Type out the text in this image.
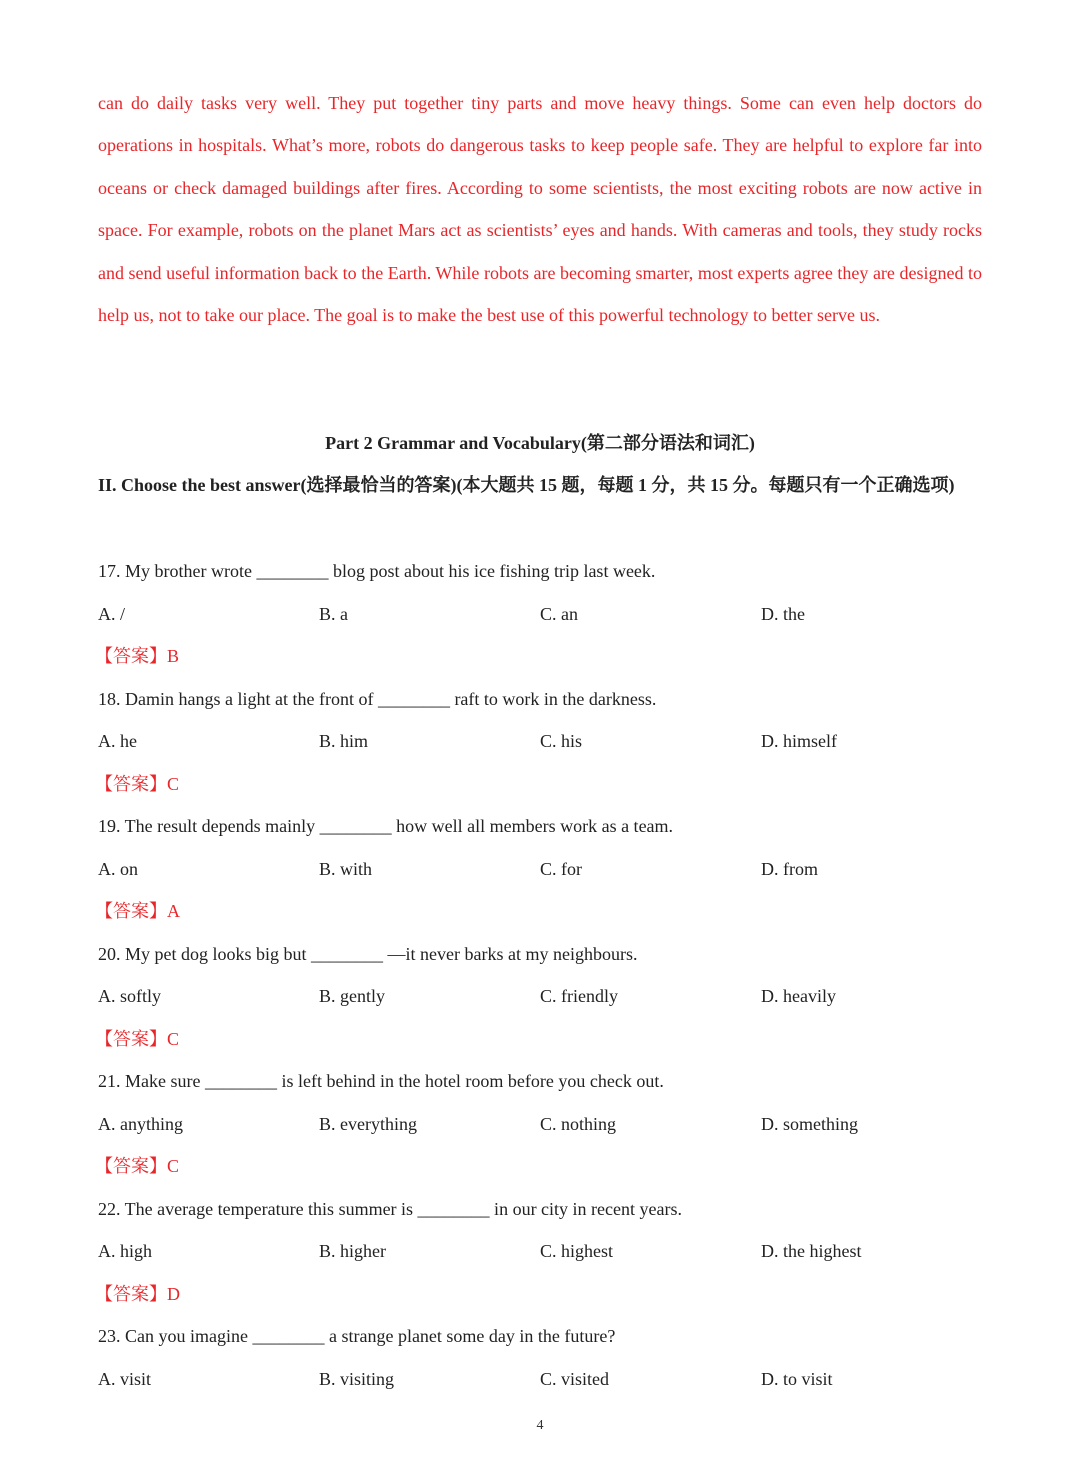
can do daily tasks very well. They put together tiny parts and move heavy things. Some can even help doctors do operations in hospitals. What’s more, robots do dangerous tasks to keep people safe. They are helpful to explore far into oceans or check damaged buildings after fires. According to some scientists, the most exciting robots are now active in space. For example, robots on the planet Mars act as scientists’ eyes and hands. With cameras and tools, they study rocks and send useful information back to the Earth. While robots are becoming smarter, most experts agree they are designed to help us, not to take our place. The goal is to make the best use of this powerful technology to better serve us.

Part 2 Grammar and Vocabulary(第二部分语法和词汇)
II. Choose the best answer(选择最恰当的答案)(本大题共 15 题，每题 1 分，共 15 分。每题只有一个正确选项)
17. My brother wrote ________ blog post about his ice fishing trip last week.
A. /	B. a	C. an	D. the
【答案】B
18. Damin hangs a light at the front of ________ raft to work in the darkness.
A. he	B. him	C. his	D. himself
【答案】C
19. The result depends mainly ________ how well all members work as a team.
A. on	B. with	C. for	D. from
【答案】A
20. My pet dog looks big but ________ —it never barks at my neighbours.
A. softly	B. gently	C. friendly	D. heavily
【答案】C
21. Make sure ________ is left behind in the hotel room before you check out.
A. anything	B. everything	C. nothing	D. something
【答案】C
22. The average temperature this summer is ________ in our city in recent years.
A. high	B. higher	C. highest	D. the highest
【答案】D
23. Can you imagine ________ a strange planet some day in the future?
A. visit	B. visiting	C. visited	D. to visit
4
